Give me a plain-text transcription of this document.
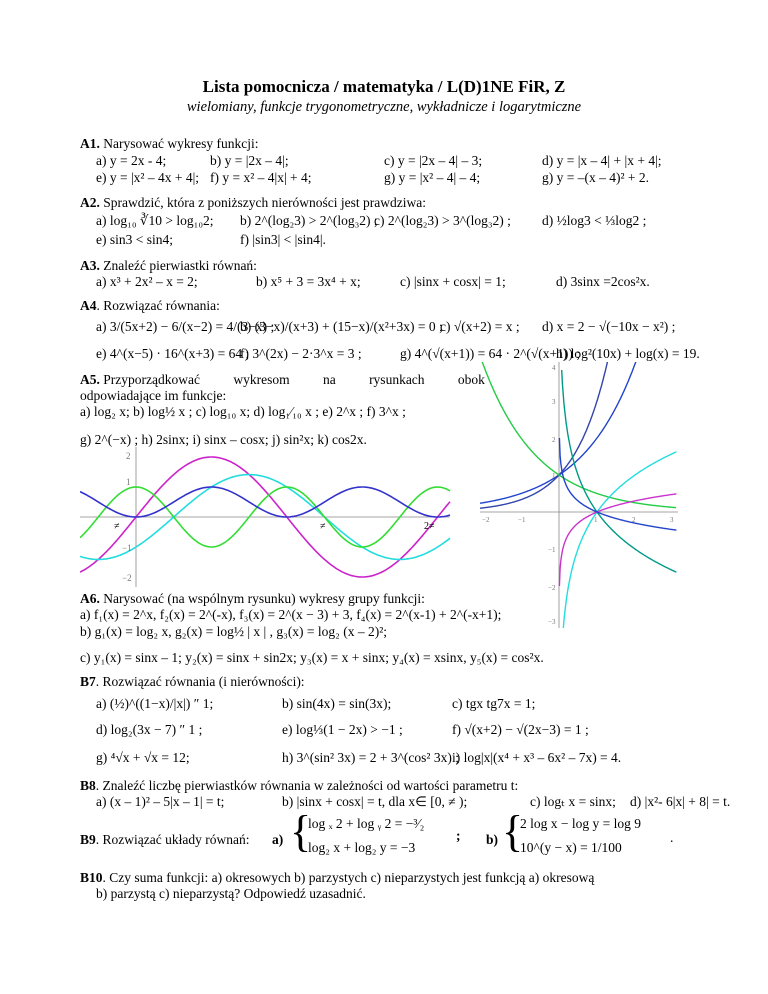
Lista pomocnicza / matematyka / L(D)1NE FiR, Z
wielomiany, funkcje trygonometryczne, wykładnicze i logarytmiczne
A1. Narysować wykresy funkcji:
a) y = 2x - 4;	b) y = |2x – 4|;	c) y = |2x – 4| – 3;	d) y = |x – 4| + |x + 4|;
e) y = |x² – 4x + 4|; f) y = x² – 4|x| + 4;	g) y = |x² – 4| – 4;	g) y = –(x – 4)² + 2.
A2. Sprawdzić, która z poniższych nierówności jest prawdziwa:
a) log₁₀ ∛10 > log₁₀2; b) 2^(log₂3) > 2^(log₃2) ;
c) 2^(log₂3) > 3^(log₃2) ; d) ½log3 < ⅓log2 ;
e) sin3 < sin4;	f) |sin3| < |sin4|.
A3. Znaleźć pierwiastki równań:
a) x³ + 2x² – x = 2;	b) x⁵ + 3 = 3x⁴ + x;	c) |sinx + cosx| = 1;	d) 3sinx =2cos²x.
A4. Rozwiązać równania:
a) 3/(5x+2) − 6/(x−2) = 4/(3−x) ;
b) (3−x)/(x+3) + (15−x)/(x²+3x) = 0 ;
c) √(x+2) = x ; d) x = 2 − √(−10x − x²) ;
e) 4^(x−5) · 16^(x+3) = 64 ;
f) 3^(2x) − 2·3^x = 3 ;	g) 4^(√(x+1)) = 64 · 2^(√(x+1)) ;
h) log²(10x) + log(x) = 19.
A5. Przyporządkować wykresom na rysunkach obok
odpowiadające im funkcje:
a) log₂ x; b) log½ x ; c) log₁₀ x; d) log₁⁄₁₀ x ; e) 2^x ; f) 3^x ;
g) 2^(−x) ; h) 2sinx; i) sinx – cosx; j) sin²x; k) cos2x.
2
1
−1
−2
≠	≠	2≠
4
3
2
1
−1
−2
−3
−2	−1	1	2	3
A6. Narysować (na wspólnym rysunku) wykresy grupy funkcji:
a) f₁(x) = 2^x, f₂(x) = 2^(-x), f₃(x) = 2^(x − 3) + 3, f₄(x) = 2^(x-1) + 2^(-x+1);
b) g₁(x) = log₂ x, g₂(x) = log½ | x | , g₃(x) = log₂ (x – 2)²;
c) y₁(x) = sinx – 1; y₂(x) = sinx + sin2x; y₃(x) = x + sinx; y₄(x) = xsinx, y₅(x) = cos²x.
B7. Rozwiązać równania (i nierówności):
a) (½)^((1−x)/|x|) ″ 1;	b) sin(4x) = sin(3x);	c) tgx tg7x = 1;
d) log₂(3x − 7) ″ 1 ;	e) log⅓(1 − 2x) > −1 ;	f) √(x+2) − √(2x−3) = 1 ;
g) ⁴√x + √x = 12;	h) 3^(sin² 3x) = 2 + 3^(cos² 3x) ;
i) log|x|(x⁴ + x³ – 6x² – 7x) = 4.
B8. Znaleźć liczbę pierwiastków równania w zależności od wartości parametru t:
a) (x – 1)² – 5|x – 1| = t;	b) |sinx + cosx| = t, dla x∈ [0, ≠ );	c) logₜ x = sinx; d) |x²- 6|x| + 8| = t.
B9. Rozwiązać układy równań: a) {
log ₓ 2 + log ᵧ 2 = −³⁄₂
log₂ x + log₂ y = −3
; b) {
2 log x − log y = log 9
10^(y − x) = 1/100
.
B10. Czy suma funkcji: a) okresowych b) parzystych c) nieparzystych jest funkcją a) okresową
b) parzystą c) nieparzystą? Odpowiedź uzasadnić.
